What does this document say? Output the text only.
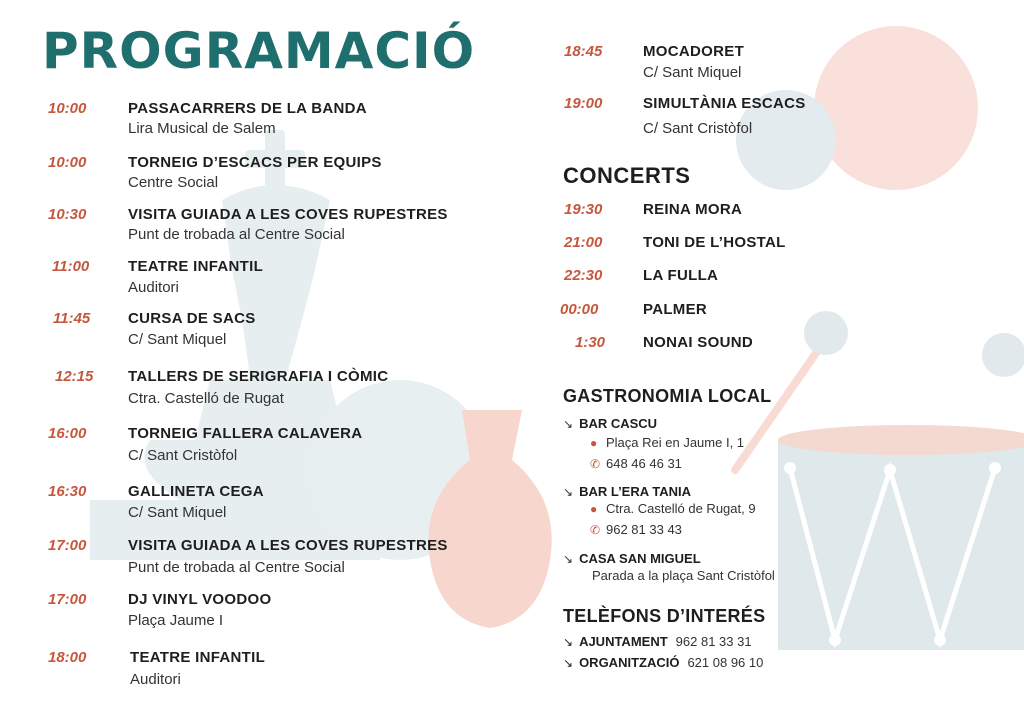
PROGRAMACIÓ
10:00	PASSACARRERS DE LA BANDA
Lira Musical de Salem
10:00	TORNEIG D’ESCACS PER EQUIPS
Centre Social
10:30	VISITA GUIADA A LES COVES RUPESTRES
Punt de trobada al Centre Social
11:00	TEATRE INFANTIL
Auditori
11:45	CURSA DE SACS
C/ Sant Miquel
12:15	TALLERS DE SERIGRAFIA I CÒMIC
Ctra. Castelló de Rugat
16:00	TORNEIG FALLERA CALAVERA
C/ Sant Cristòfol
16:30	GALLINETA CEGA
C/ Sant Miquel
17:00	VISITA GUIADA A LES COVES RUPESTRES
Punt de trobada al Centre Social
17:00	DJ VINYL VOODOO
Plaça Jaume I
18:00	TEATRE INFANTIL
Auditori
18:45	MOCADORET
C/ Sant Miquel
19:00	SIMULTÀNIA ESCACS
C/ Sant Cristòfol
CONCERTS
19:30	REINA MORA
21:00	TONI DE L’HOSTAL
22:30	LA FULLA
00:00	PALMER
1:30	NONAI SOUND
GASTRONOMIA LOCAL
↘ BAR CASCU
● Plaça Rei en Jaume I, 1
✆ 648 46 46 31
↘ BAR L’ERA TANIA
● Ctra. Castelló de Rugat, 9
✆ 962 81 33 43
↘ CASA SAN MIGUEL
Parada a la plaça Sant Cristòfol
TELÈFONS D’INTERÉS
↘ AJUNTAMENT 962 81 33 31
↘ ORGANITZACIÓ 621 08 96 10
